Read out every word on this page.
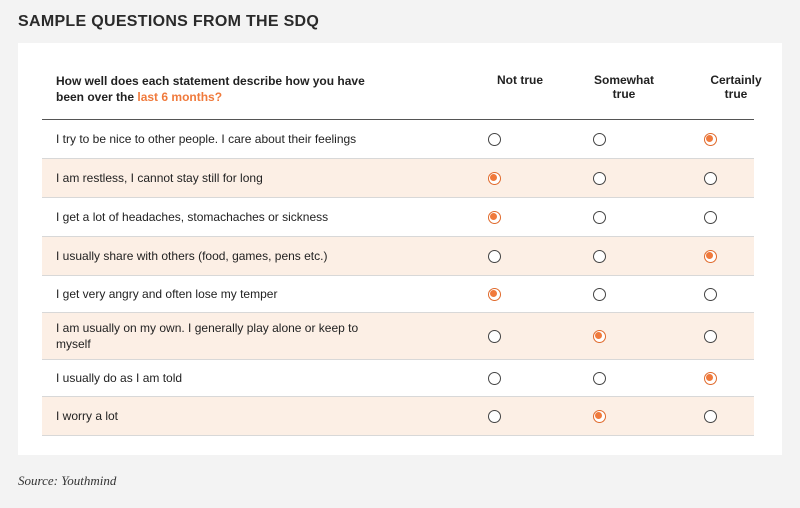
SAMPLE QUESTIONS FROM THE SDQ
How well does each statement describe how you have been over the last 6 months?
Not true	Somewhat
true
Certainly
true
I try to be nice to other people. I care about their feelings
I am restless, I cannot stay still for long
I get a lot of headaches, stomachaches or sickness
I usually share with others (food, games, pens etc.)
I get very angry and often lose my temper
I am usually on my own. I generally play alone or keep to myself
I usually do as I am told
I worry a lot
Source: Youthmind
